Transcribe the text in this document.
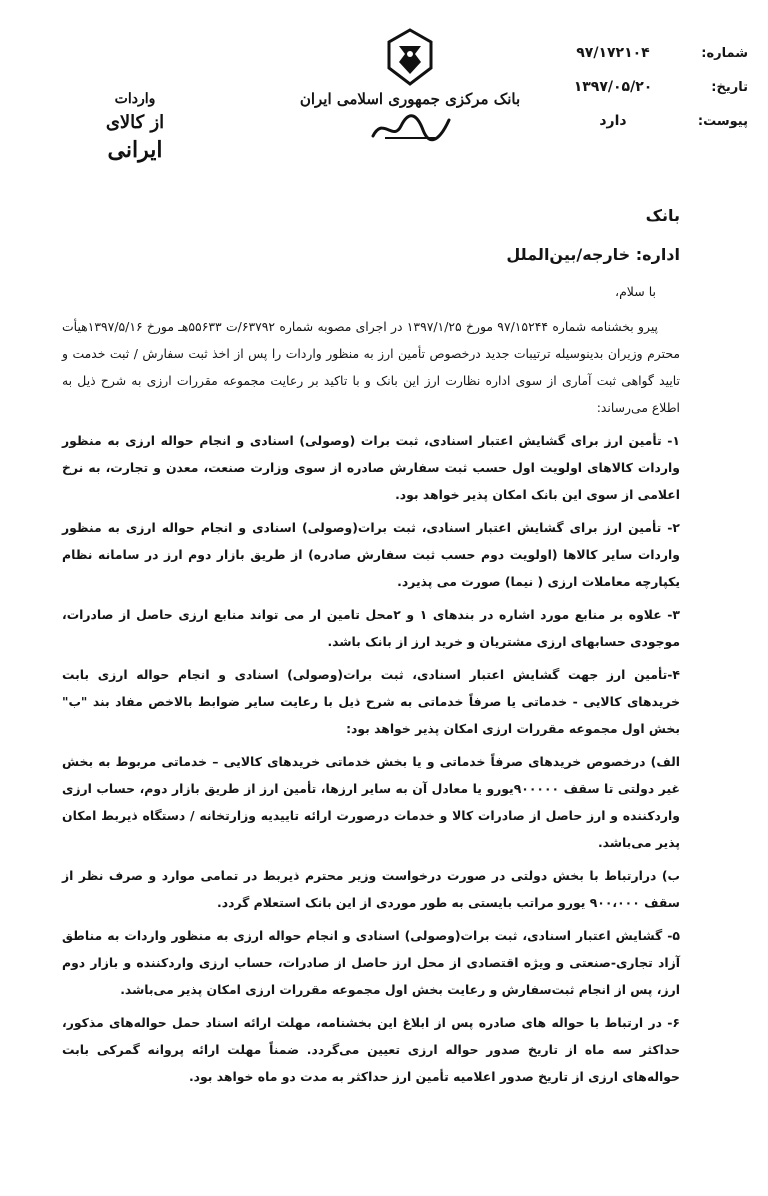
واردات
از کالای
ایرانی
بانک مرکزی جمهوری اسلامی ایران
شماره:
۹۷/۱۷۲۱۰۴
تاریخ:
۱۳۹۷/۰۵/۲۰
پیوست:
دارد
بانک
اداره: خارجه/بین‌الملل
با سلام،

پیرو بخشنامه شماره ۹۷/۱۵۲۴۴ مورخ ۱۳۹۷/۱/۲۵ در اجرای مصوبه شماره ۶۳۷۹۲/ت ۵۵۶۳۳هـ مورخ ۱۳۹۷/۵/۱۶هیأت محترم وزیران بدینوسیله ترتیبات جدید درخصوص تأمین ارز به منظور واردات را پس از اخذ ثبت سفارش / ثبت خدمت و تایید گواهی ثبت آماری از سوی اداره نظارت ارز این بانک و با تاکید بر رعایت مجموعه مقررات ارزی به شرح ذیل به اطلاع می‌رساند:

۱- تأمین ارز برای گشایش اعتبار اسنادی، ثبت برات (وصولی) اسنادی و انجام حواله ارزی به منظور واردات کالاهای اولویت اول حسب ثبت سفارش صادره از سوی وزارت صنعت، معدن و تجارت، به نرخ اعلامی از سوی این بانک امکان پذیر خواهد بود.

۲- تأمین ارز برای گشایش اعتبار اسنادی، ثبت برات(وصولی) اسنادی و انجام حواله ارزی به منظور واردات سایر کالاها (اولویت دوم حسب ثبت سفارش صادره) از طریق بازار دوم ارز در سامانه نظام یکپارچه معاملات ارزی ( نیما) صورت می پذیرد.

۳- علاوه بر منابع مورد اشاره در بندهای ۱ و ۲محل تامین ار می تواند منابع ارزی حاصل از صادرات، موجودی حسابهای ارزی مشتریان و خرید ارز از بانک باشد.

۴-تأمین ارز جهت گشایش اعتبار اسنادی، ثبت برات(وصولی) اسنادی و انجام حواله ارزی بابت خریدهای کالایی - خدماتی یا صرفاً خدماتی به شرح ذیل با رعایت سایر ضوابط بالاخص مفاد بند "ب" بخش اول مجموعه مقررات ارزی امکان پذیر خواهد بود:

الف) درخصوص خریدهای صرفاً خدماتی و یا بخش خدماتی خریدهای کالایی – خدماتی مربوط به بخش غیر دولتی تا سقف ۹۰۰۰۰۰یورو یا معادل آن به سایر ارزها، تأمین ارز از طریق بازار دوم، حساب ارزی واردکننده و ارز حاصل از صادرات کالا و خدمات درصورت ارائه تاییدیه وزارتخانه / دستگاه ذیربط امکان پذیر می‌باشد.

ب) درارتباط با بخش دولتی در صورت درخواست وزیر محترم ذیربط در تمامی موارد و صرف نظر از سقف ۹۰۰،۰۰۰ یورو مراتب بایستی به طور موردی از این بانک استعلام گردد.

۵- گشایش اعتبار اسنادی، ثبت برات(وصولی) اسنادی و انجام حواله ارزی به منظور واردات به مناطق آزاد تجاری-صنعتی و ویژه اقتصادی از محل ارز حاصل از صادرات، حساب ارزی واردکننده و بازار دوم ارز، پس از انجام ثبت‌سفارش و رعایت بخش اول مجموعه مقررات ارزی امکان پذیر می‌باشد.

۶- در ارتباط با حواله های صادره پس از ابلاغ این بخشنامه، مهلت ارائه اسناد حمل حواله‌های مذکور، حداکثر سه ماه از تاریخ صدور حواله ارزی تعیین می‌گردد. ضمناً مهلت ارائه پروانه گمرکی بابت حواله‌های ارزی از تاریخ صدور اعلامیه تأمین ارز حداکثر به مدت دو ماه خواهد بود.
